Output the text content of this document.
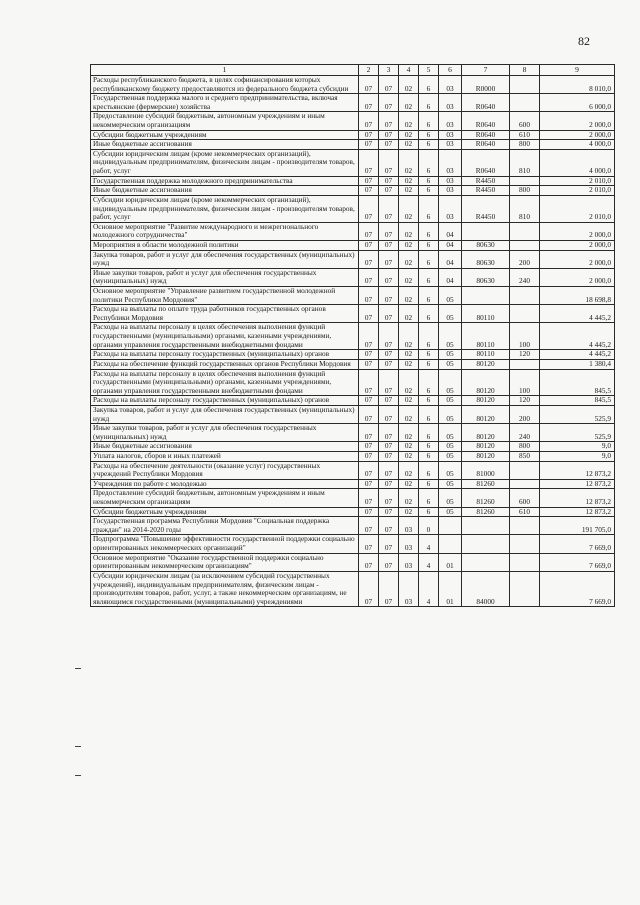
82
1	2	3	4	5	6	7	8	9
Расходы республиканского бюджета, в целях софинансирования которых республиканскому бюджету предоставляются из федерального бюджета субсидии	07	07	02	6	03	R0000		8 010,0
Государственная поддержка малого и среднего предпринимательства, включая крестьянские (фермерские) хозяйства	07	07	02	6	03	R0640		6 000,0
Предоставление субсидий бюджетным, автономным учреждениям и иным некоммерческим организациям	07	07	02	6	03	R0640	600	2 000,0
Субсидии бюджетным учреждениям	07	07	02	6	03	R0640	610	2 000,0
Иные бюджетные ассигнования	07	07	02	6	03	R0640	800	4 000,0
Субсидии юридическим лицам (кроме некоммерческих организаций), индивидуальным предпринимателям, физическим лицам - производителям товаров, работ, услуг	07	07	02	6	03	R0640	810	4 000,0
Государственная поддержка молодежного предпринимательства	07	07	02	6	03	R4450		2 010,0
Иные бюджетные ассигнования	07	07	02	6	03	R4450	800	2 010,0
Субсидии юридическим лицам (кроме некоммерческих организаций), индивидуальным предпринимателям, физическим лицам - производителям товаров, работ, услуг	07	07	02	6	03	R4450	810	2 010,0
Основное мероприятие "Развитие международного и межрегионального молодежного сотрудничества"	07	07	02	6	04			2 000,0
Мероприятия в области молодежной политики	07	07	02	6	04	80630		2 000,0
Закупка товаров, работ и услуг для обеспечения государственных (муниципальных) нужд	07	07	02	6	04	80630	200	2 000,0
Иные закупки товаров, работ и услуг для обеспечения государственных (муниципальных) нужд	07	07	02	6	04	80630	240	2 000,0
Основное мероприятие "Управление развитием государственной молодежной политики Республики Мордовия"	07	07	02	6	05			18 698,8
Расходы на выплаты по оплате труда работников государственных органов Республики Мордовия	07	07	02	6	05	80110		4 445,2
Расходы на выплаты персоналу в целях обеспечения выполнения функций государственными (муниципальными) органами, казенными учреждениями, органами управления государственными внебюджетными фондами	07	07	02	6	05	80110	100	4 445,2
Расходы на выплаты персоналу государственных (муниципальных) органов	07	07	02	6	05	80110	120	4 445,2
Расходы на обеспечение функций государственных органов Республики Мордовия	07	07	02	6	05	80120		1 380,4
Расходы на выплаты персоналу в целях обеспечения выполнения функций государственными (муниципальными) органами, казенными учреждениями, органами управления государственными внебюджетными фондами	07	07	02	6	05	80120	100	845,5
Расходы на выплаты персоналу государственных (муниципальных) органов	07	07	02	6	05	80120	120	845,5
Закупка товаров, работ и услуг для обеспечения государственных (муниципальных) нужд	07	07	02	6	05	80120	200	525,9
Иные закупки товаров, работ и услуг для обеспечения государственных (муниципальных) нужд	07	07	02	6	05	80120	240	525,9
Иные бюджетные ассигнования	07	07	02	6	05	80120	800	9,0
Уплата налогов, сборов и иных платежей	07	07	02	6	05	80120	850	9,0
Расходы на обеспечение деятельности (оказание услуг) государственных учреждений Республики Мордовия	07	07	02	6	05	81000		12 873,2
Учреждения по работе с молодежью	07	07	02	6	05	81260		12 873,2
Предоставление субсидий бюджетным, автономным учреждениям и иным некоммерческим организациям	07	07	02	6	05	81260	600	12 873,2
Субсидии бюджетным учреждениям	07	07	02	6	05	81260	610	12 873,2
Государственная программа Республики Мордовия "Социальная поддержка граждан" на 2014-2020 годы	07	07	03	0				191 705,0
Подпрограмма "Повышение эффективности государственной поддержки социально ориентированных некоммерческих организаций"	07	07	03	4				7 669,0
Основное мероприятие "Оказание государственной поддержки социально ориентированным некоммерческим организациям"	07	07	03	4	01			7 669,0
Субсидии юридическим лицам (за исключением субсидий государственных учреждений), индивидуальным предпринимателям, физическим лицам - производителям товаров, работ, услуг, а также некоммерческим организациям, не являющимся государственными (муниципальными) учреждениями	07	07	03	4	01	84000		7 669,0
